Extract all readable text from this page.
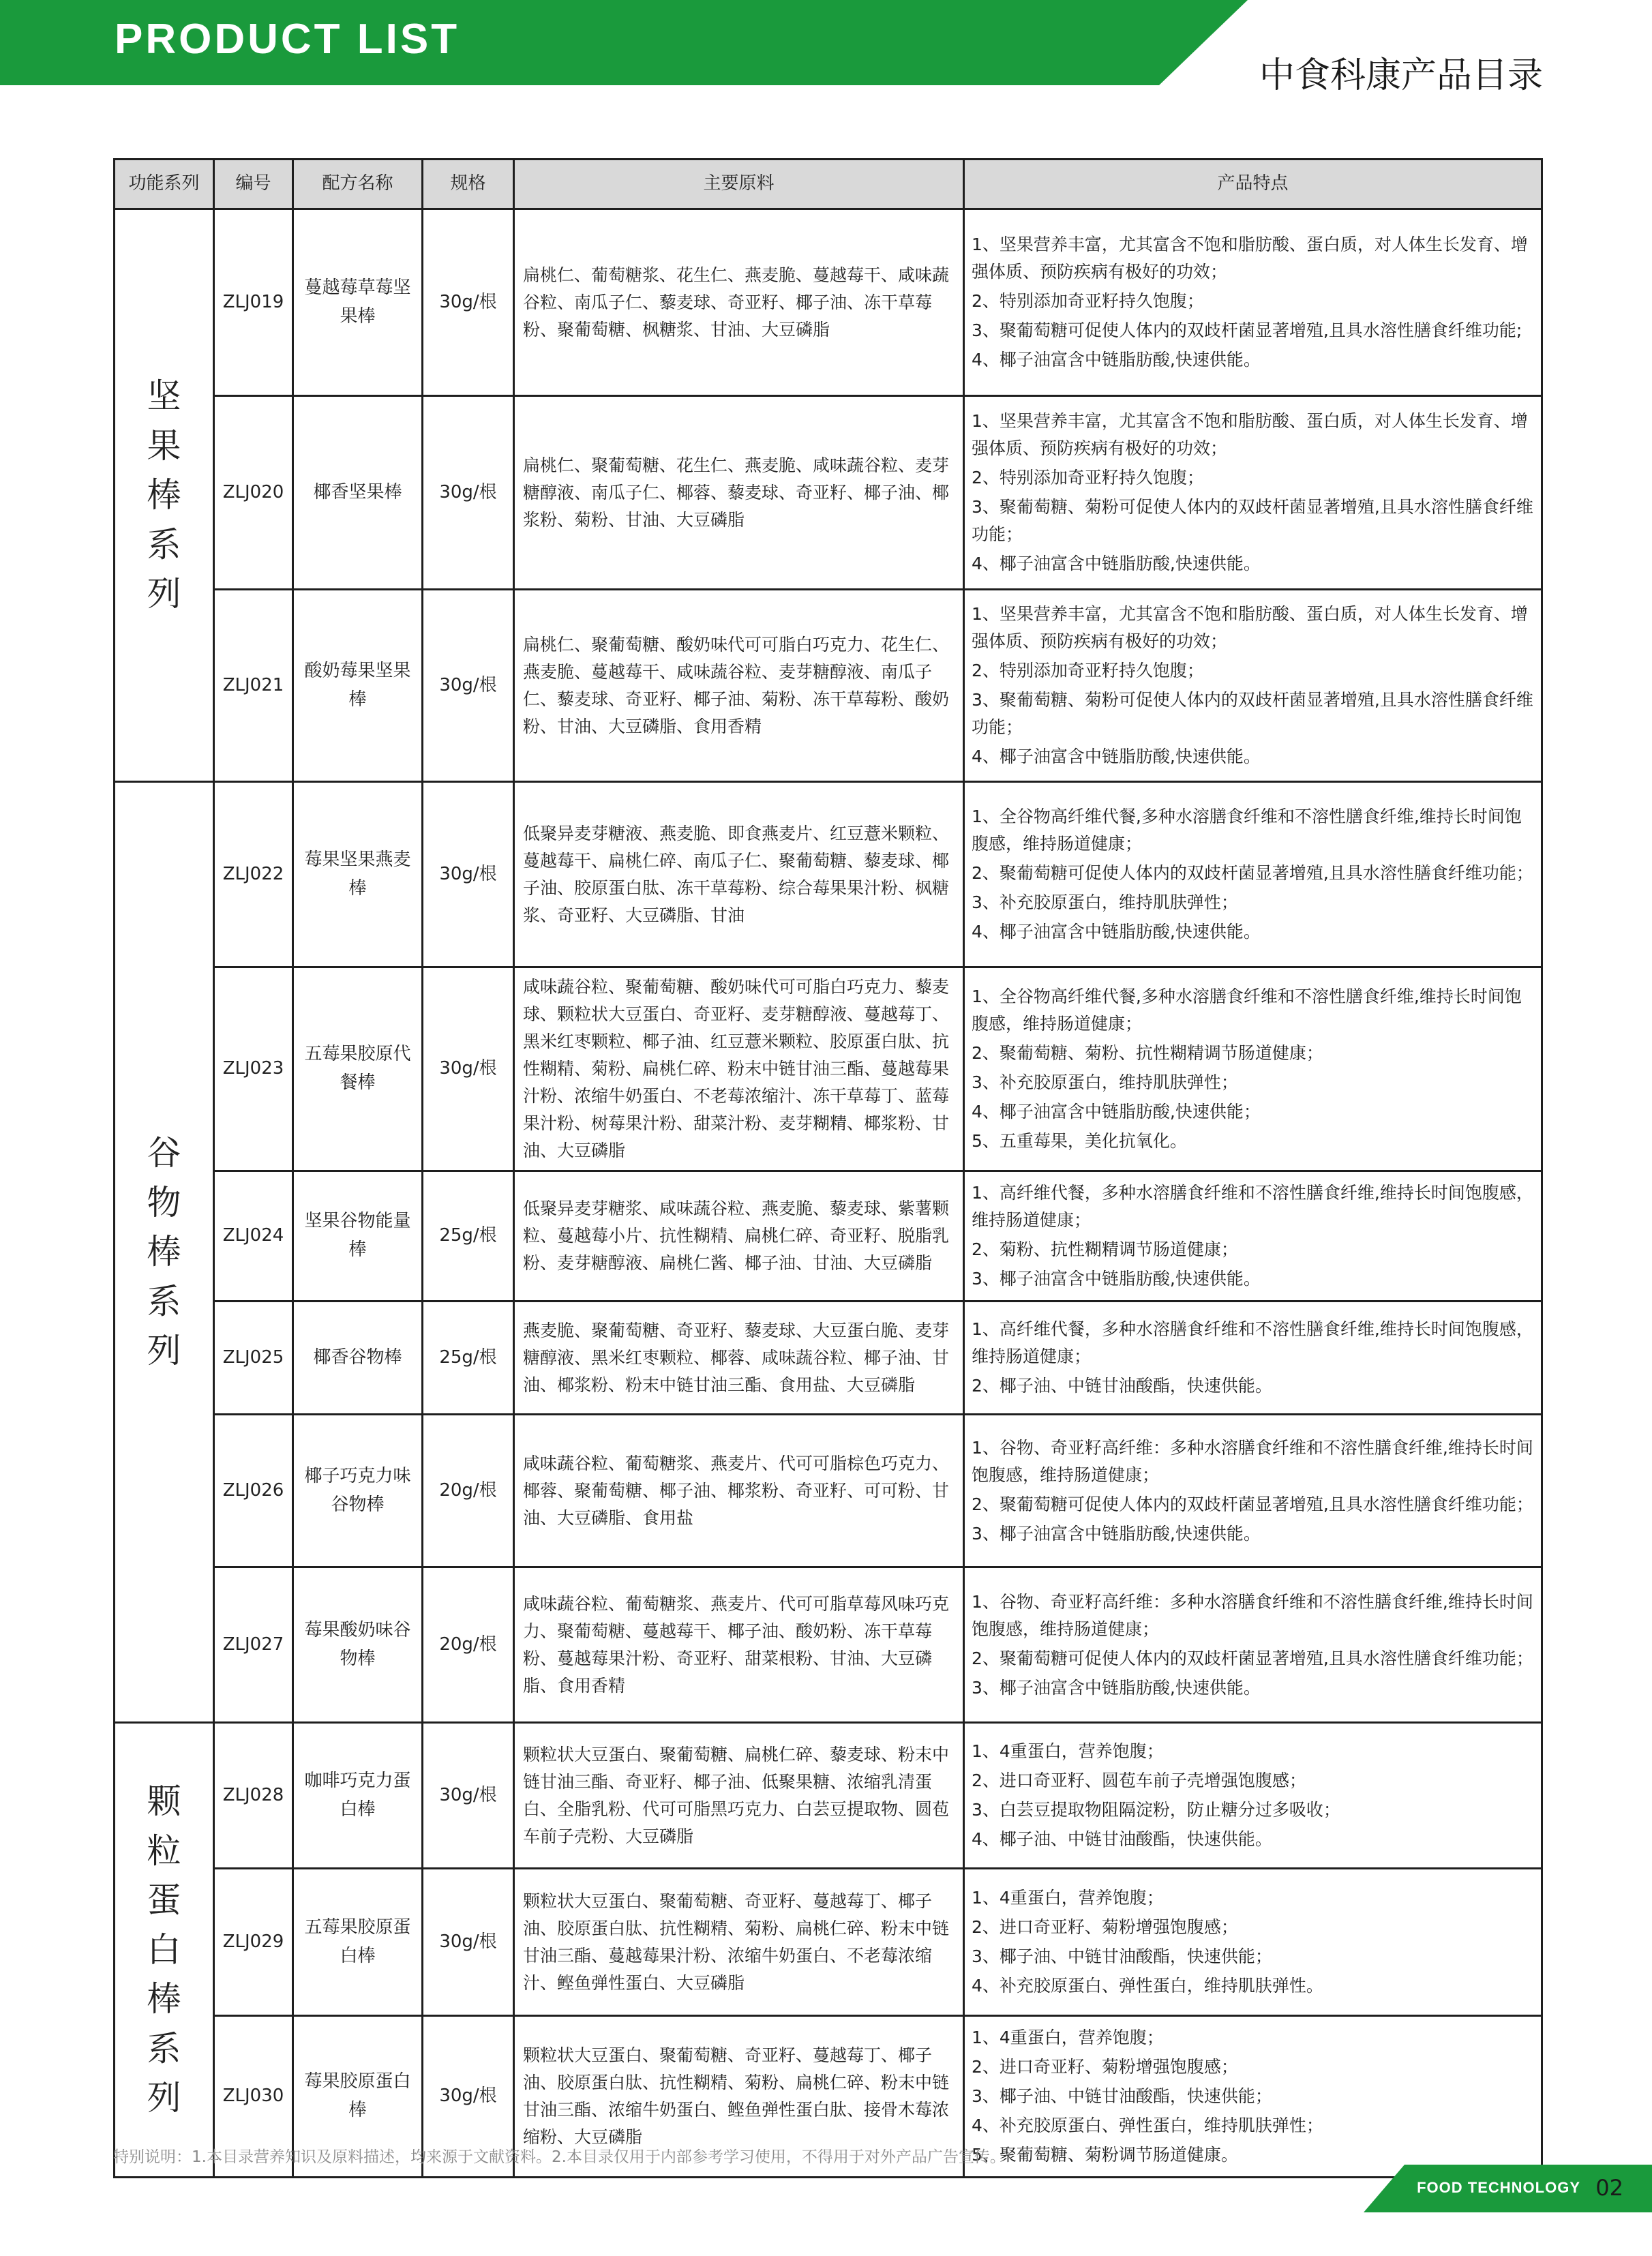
PRODUCT LIST
中食科康产品目录
功能系列	编号	配方名称	规格	主要原料	产品特点
坚果棒系列	ZLJ019	蔓越莓草莓坚果棒	30g/根	扁桃仁、葡萄糖浆、花生仁、燕麦脆、蔓越莓干、咸味蔬谷粒、南瓜子仁、藜麦球、奇亚籽、椰子油、冻干草莓粉、聚葡萄糖、枫糖浆、甘油、大豆磷脂	1、坚果营养丰富，尤其富含不饱和脂肪酸、蛋白质，对人体生长发育、增强体质、预防疾病有极好的功效；
2、特别添加奇亚籽持久饱腹；
3、聚葡萄糖可促使人体内的双歧杆菌显著增殖,且具水溶性膳食纤维功能;
4、椰子油富含中链脂肪酸,快速供能。

	ZLJ020	椰香坚果棒	30g/根	扁桃仁、聚葡萄糖、花生仁、燕麦脆、咸味蔬谷粒、麦芽糖醇液、南瓜子仁、椰蓉、藜麦球、奇亚籽、椰子油、椰浆粉、菊粉、甘油、大豆磷脂	1、坚果营养丰富，尤其富含不饱和脂肪酸、蛋白质，对人体生长发育、增强体质、预防疾病有极好的功效；
2、特别添加奇亚籽持久饱腹；
3、聚葡萄糖、菊粉可促使人体内的双歧杆菌显著增殖,且具水溶性膳食纤维功能；
4、椰子油富含中链脂肪酸,快速供能。

	ZLJ021	酸奶莓果坚果棒	30g/根	扁桃仁、聚葡萄糖、酸奶味代可可脂白巧克力、花生仁、燕麦脆、蔓越莓干、咸味蔬谷粒、麦芽糖醇液、南瓜子仁、藜麦球、奇亚籽、椰子油、菊粉、冻干草莓粉、酸奶粉、甘油、大豆磷脂、食用香精	1、坚果营养丰富，尤其富含不饱和脂肪酸、蛋白质，对人体生长发育、增强体质、预防疾病有极好的功效；
2、特别添加奇亚籽持久饱腹；
3、聚葡萄糖、菊粉可促使人体内的双歧杆菌显著增殖,且具水溶性膳食纤维功能；
4、椰子油富含中链脂肪酸,快速供能。

谷物棒系列	ZLJ022	莓果坚果燕麦棒	30g/根	低聚异麦芽糖液、燕麦脆、即食燕麦片、红豆薏米颗粒、蔓越莓干、扁桃仁碎、南瓜子仁、聚葡萄糖、藜麦球、椰子油、胶原蛋白肽、冻干草莓粉、综合莓果果汁粉、枫糖浆、奇亚籽、大豆磷脂、甘油	1、全谷物高纤维代餐,多种水溶膳食纤维和不溶性膳食纤维,维持长时间饱腹感，维持肠道健康；
2、聚葡萄糖可促使人体内的双歧杆菌显著增殖,且具水溶性膳食纤维功能；
3、补充胶原蛋白，维持肌肤弹性；
4、椰子油富含中链脂肪酸,快速供能。

	ZLJ023	五莓果胶原代餐棒	30g/根	咸味蔬谷粒、聚葡萄糖、酸奶味代可可脂白巧克力、藜麦球、颗粒状大豆蛋白、奇亚籽、麦芽糖醇液、蔓越莓丁、黑米红枣颗粒、椰子油、红豆薏米颗粒、胶原蛋白肽、抗性糊精、菊粉、扁桃仁碎、粉末中链甘油三酯、蔓越莓果汁粉、浓缩牛奶蛋白、不老莓浓缩汁、冻干草莓丁、蓝莓果汁粉、树莓果汁粉、甜菜汁粉、麦芽糊精、椰浆粉、甘油、大豆磷脂	1、全谷物高纤维代餐,多种水溶膳食纤维和不溶性膳食纤维,维持长时间饱腹感，维持肠道健康；
2、聚葡萄糖、菊粉、抗性糊精调节肠道健康；
3、补充胶原蛋白，维持肌肤弹性；
4、椰子油富含中链脂肪酸,快速供能；
5、五重莓果，美化抗氧化。

	ZLJ024	坚果谷物能量棒	25g/根	低聚异麦芽糖浆、咸味蔬谷粒、燕麦脆、藜麦球、紫薯颗粒、蔓越莓小片、抗性糊精、扁桃仁碎、奇亚籽、脱脂乳粉、麦芽糖醇液、扁桃仁酱、椰子油、甘油、大豆磷脂	1、高纤维代餐，多种水溶膳食纤维和不溶性膳食纤维,维持长时间饱腹感，维持肠道健康；
2、菊粉、抗性糊精调节肠道健康；
3、椰子油富含中链脂肪酸,快速供能。

	ZLJ025	椰香谷物棒	25g/根	燕麦脆、聚葡萄糖、奇亚籽、藜麦球、大豆蛋白脆、麦芽糖醇液、黑米红枣颗粒、椰蓉、咸味蔬谷粒、椰子油、甘油、椰浆粉、粉末中链甘油三酯、食用盐、大豆磷脂	1、高纤维代餐，多种水溶膳食纤维和不溶性膳食纤维,维持长时间饱腹感，维持肠道健康；
2、椰子油、中链甘油酸酯，快速供能。

	ZLJ026	椰子巧克力味谷物棒	20g/根	咸味蔬谷粒、葡萄糖浆、燕麦片、代可可脂棕色巧克力、椰蓉、聚葡萄糖、椰子油、椰浆粉、奇亚籽、可可粉、甘油、大豆磷脂、食用盐	1、谷物、奇亚籽高纤维：多种水溶膳食纤维和不溶性膳食纤维,维持长时间饱腹感，维持肠道健康；
2、聚葡萄糖可促使人体内的双歧杆菌显著增殖,且具水溶性膳食纤维功能；
3、椰子油富含中链脂肪酸,快速供能。

	ZLJ027	莓果酸奶味谷物棒	20g/根	咸味蔬谷粒、葡萄糖浆、燕麦片、代可可脂草莓风味巧克力、聚葡萄糖、蔓越莓干、椰子油、酸奶粉、冻干草莓粉、蔓越莓果汁粉、奇亚籽、甜菜根粉、甘油、大豆磷脂、食用香精	1、谷物、奇亚籽高纤维：多种水溶膳食纤维和不溶性膳食纤维,维持长时间饱腹感，维持肠道健康；
2、聚葡萄糖可促使人体内的双歧杆菌显著增殖,且具水溶性膳食纤维功能；
3、椰子油富含中链脂肪酸,快速供能。

颗粒蛋白棒系列	ZLJ028	咖啡巧克力蛋白棒	30g/根	颗粒状大豆蛋白、聚葡萄糖、扁桃仁碎、藜麦球、粉末中链甘油三酯、奇亚籽、椰子油、低聚果糖、浓缩乳清蛋白、全脂乳粉、代可可脂黑巧克力、白芸豆提取物、圆苞车前子壳粉、大豆磷脂	1、4重蛋白，营养饱腹；
2、进口奇亚籽、圆苞车前子壳增强饱腹感；
3、白芸豆提取物阻隔淀粉，防止糖分过多吸收；
4、椰子油、中链甘油酸酯，快速供能。

	ZLJ029	五莓果胶原蛋白棒	30g/根	颗粒状大豆蛋白、聚葡萄糖、奇亚籽、蔓越莓丁、椰子油、胶原蛋白肽、抗性糊精、菊粉、扁桃仁碎、粉末中链甘油三酯、蔓越莓果汁粉、浓缩牛奶蛋白、不老莓浓缩汁、鲣鱼弹性蛋白、大豆磷脂	1、4重蛋白，营养饱腹；
2、进口奇亚籽、菊粉增强饱腹感；
3、椰子油、中链甘油酸酯，快速供能；
4、补充胶原蛋白、弹性蛋白，维持肌肤弹性。

	ZLJ030	莓果胶原蛋白棒	30g/根	颗粒状大豆蛋白、聚葡萄糖、奇亚籽、蔓越莓丁、椰子油、胶原蛋白肽、抗性糊精、菊粉、扁桃仁碎、粉末中链甘油三酯、浓缩牛奶蛋白、鲣鱼弹性蛋白肽、接骨木莓浓缩粉、大豆磷脂	1、4重蛋白，营养饱腹；
2、进口奇亚籽、菊粉增强饱腹感；
3、椰子油、中链甘油酸酯，快速供能；
4、补充胶原蛋白、弹性蛋白，维持肌肤弹性；
5、聚葡萄糖、菊粉调节肠道健康。
特别说明：1.本目录营养知识及原料描述，均来源于文献资料。2.本目录仅用于内部参考学习使用，不得用于对外产品广告宣传。
FOOD TECHNOLOGY 02
